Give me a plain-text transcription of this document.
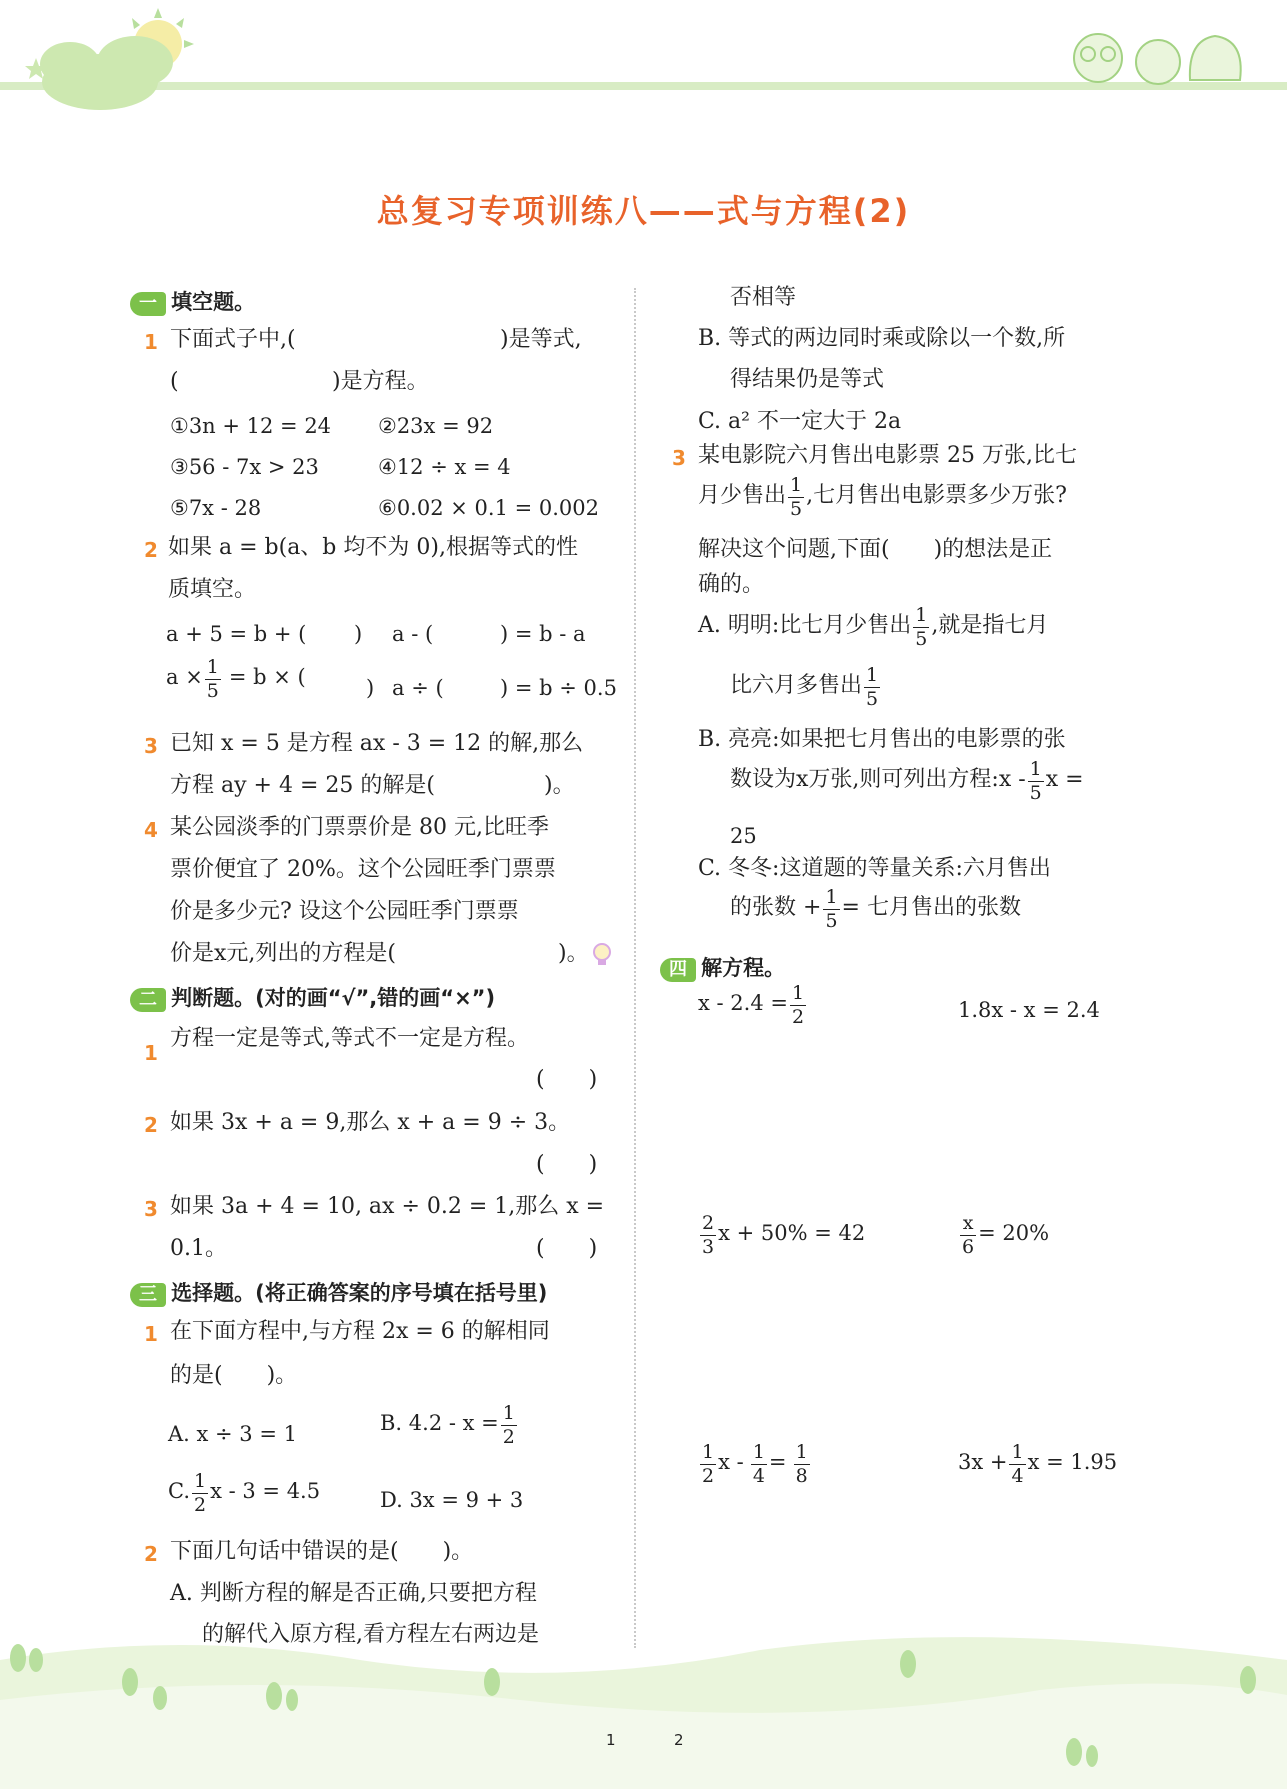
总复习专项训练八——式与方程(2)
一 填空题。
1 下面式子中,(	)是等式,
(	)是方程。
①3n + 12 = 24 ②23x = 92
③56 - 7x > 23	④12 ÷ x = 4
⑤7x - 28	⑥0.02 × 0.1 = 0.002
2 如果 a = b(a、b 均不为 0),根据等式的性
质填空。
a + 5 = b + ( ) a - (	) = b - a
$a \times \frac{1}{5} = b$ × (	) a ÷ (	) = b ÷ 0.5
3 已知 x = 5 是方程 ax - 3 = 12 的解,那么
方程 ay + 4 = 25 的解是(	)。
4 某公园淡季的门票票价是 80 元,比旺季
票价便宜了 20%。这个公园旺季门票票
价是多少元? 设这个公园旺季门票票
价是x元,列出的方程是(	)。
二 判断题。(对的画“√”,错的画“×”)
1
方程一定是等式,等式不一定是方程。
(　　)
2 如果 3x + a = 9,那么 x + a = 9 ÷ 3。
(　　)
3 如果 3a + 4 = 10, ax ÷ 0.2 = 1,那么 x =
0.1。	(　　)
三 选择题。(将正确答案的序号填在括号里)
1 在下面方程中,与方程 2x = 6 的解相同
的是(　　)。
A. x ÷ 3 = 1	B. $4.2 - x = \frac{1}{2}$
C. $\frac{1}{2}$ x - 3 = 4.5	D. 3x = 9 + 3
2 下面几句话中错误的是(　　)。
A. 判断方程的解是否正确,只要把方程
的解代入原方程,看方程左右两边是
否相等
B. 等式的两边同时乘或除以一个数,所
得结果仍是等式
C. a² 不一定大于 2a
3 某电影院六月售出电影票 25 万张,比七
月少售出 $\frac{1}{5}$ ,七月售出电影票多少万张?
解决这个问题,下面(　　)的想法是正
确的。
A. 明明:比七月少售出 $\frac{1}{5}$ ,就是指七月
比六月多售出 $\frac{1}{5}$
B. 亮亮:如果把七月售出的电影票的张
数设为x万张,则可列出方程:x - $\frac{1}{5}$ x =
25
C. 冬冬:这道题的等量关系:六月售出
的张数 + $\frac{1}{5}$ = 七月售出的张数
四 解方程。
$x - 2.4 = \frac{1}{2}$	1.8x - x = 2.4
$\frac{2}{3}$ x + 50% = 42	$\frac{x}{6} = 20\%$
$\frac{1}{2}$ $x - \frac{1}{4} = \frac{1}{8}$	$3x + \frac{1}{4}$ x = 1.95
1	2
